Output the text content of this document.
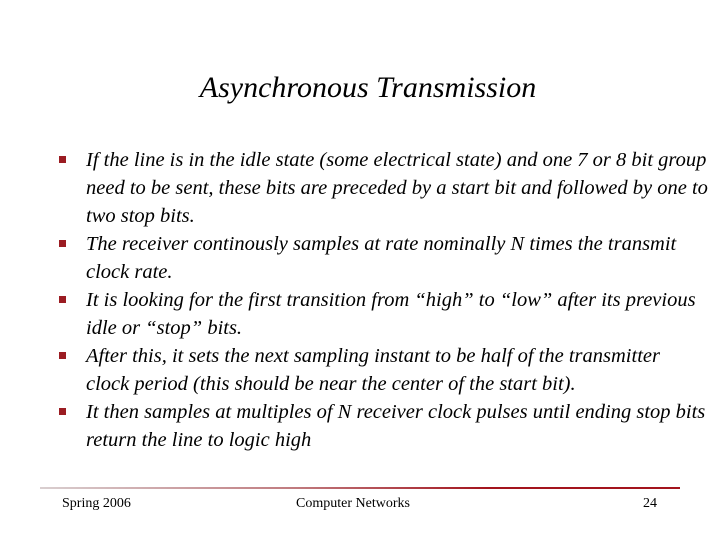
Asynchronous Transmission
If the line is in the idle state (some electrical state) and one 7 or 8 bit group need to be sent, these bits are preceded by a start bit and followed by one to two stop bits.
The receiver continously samples at rate nominally N times the transmit clock rate.
It is looking for the first transition from “high” to “low” after its previous idle or “stop” bits.
After this, it sets the next sampling instant to be half of the transmitter clock period (this should be near the center of the start bit).
It then samples at multiples of N receiver clock pulses until ending stop bits return the line to logic high
Spring 2006	Computer Networks	24
